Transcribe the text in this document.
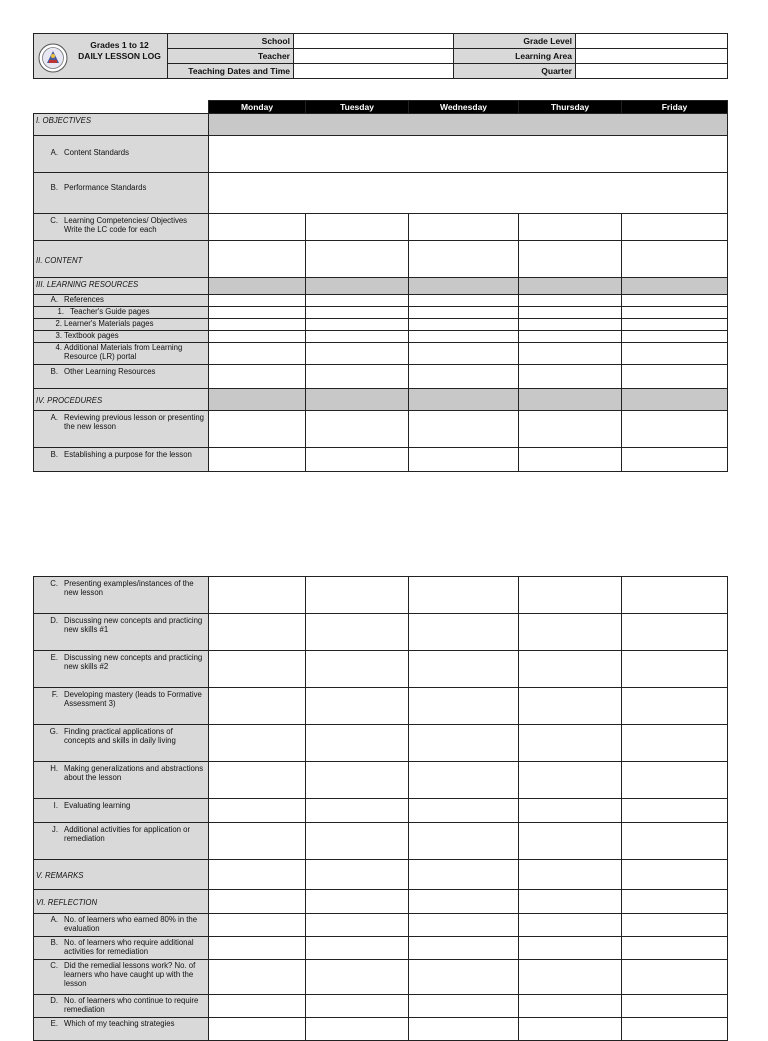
Grades 1 to 12
DAILY LESSON LOG	School		Grade Level	
	Teacher		Learning Area	
	Teaching Dates and Time		Quarter	
	Monday	Tuesday	Wednesday	Thursday	Friday
I. OBJECTIVES					

A. Content Standards					

B. Performance Standards					

C. Learning Competencies/ Objectives Write the LC code for each					

II. CONTENT					
III. LEARNING RESOURCES					

A. References					

1. Teacher's Guide pages					

2. Learner's Materials pages					

3. Textbook pages					

4. Additional Materials from Learning Resource (LR) portal					

B. Other Learning Resources					

IV. PROCEDURES					

A. Reviewing previous lesson or presenting the new lesson					

B. Establishing a purpose for the lesson					

C. Presenting examples/instances of the new lesson					

D. Discussing new concepts and practicing new skills #1					

E. Discussing new concepts and practicing new skills #2					

F. Developing mastery (leads to Formative Assessment 3)					

G. Finding practical applications of concepts and skills in daily living					

H. Making generalizations and abstractions about the lesson					

I. Evaluating learning					

J. Additional activities for application or remediation					

V. REMARKS					
VI. REFLECTION					

A. No. of learners who earned 80% in the evaluation					

B. No. of learners who require additional activities for remediation					

C. Did the remedial lessons work? No. of learners who have caught up with the lesson					

D. No. of learners who continue to require remediation					

E. Which of my teaching strategies					
